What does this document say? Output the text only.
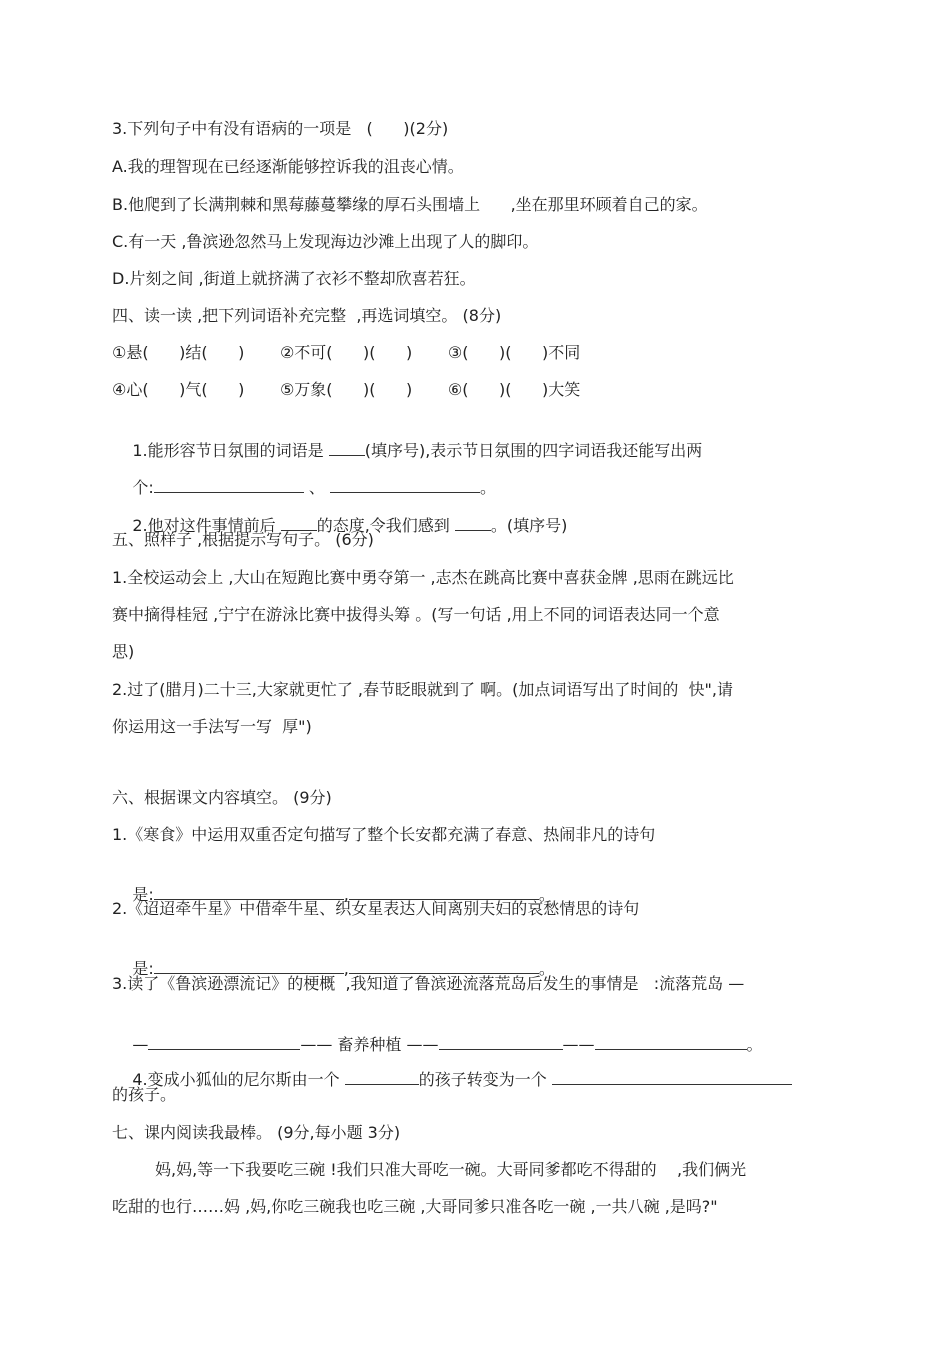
3.下列句子中有没有语病的一项是   (      )(2分)
A.我的理智现在已经逐渐能够控诉我的沮丧心情。
B.他爬到了长满荆棘和黑莓藤蔓攀缘的厚石头围墙上      ,坐在那里环顾着自己的家。
C.有一天 ,鲁滨逊忽然马上发现海边沙滩上出现了人的脚印。
D.片刻之间 ,街道上就挤满了衣衫不整却欣喜若狂。
四、读一读 ,把下列词语补充完整  ,再选词填空。 (8分)
①悬(      )结(      )       ②不可(      )(      )       ③(      )(      )不同
④心(      )气(      )       ⑤万象(      )(      )       ⑥(      )(      )大笑

1.能形容节日氛围的词语是 (填序号),表示节日氛围的四字词语我还能写出两

个:	、	。

2.他对这件事情前后 的态度,令我们感到 。(填序号)

五、照样子 ,根据提示写句子。 (6分)
1.全校运动会上 ,大山在短跑比赛中勇夺第一 ,志杰在跳高比赛中喜获金牌 ,思雨在跳远比
赛中摘得桂冠 ,宁宁在游泳比赛中拔得头筹 。(写一句话 ,用上不同的词语表达同一个意
思)
2.过了(腊月)二十三,大家就更忙了 ,春节眨眼就到了 啊。(加点词语写出了时间的  快",请
你运用这一手法写一写  厚")
六、根据课文内容填空。 (9分)
1.《寒食》中运用双重否定句描写了整个长安都充满了春意、热闹非凡的诗句

是:	,	。

2.《迢迢牵牛星》中借牵牛星、织女星表达人间离别夫妇的哀愁情思的诗句

是:	,	。

3.读了《鲁滨逊漂流记》的梗概  ,我知道了鲁滨逊流落荒岛后发生的事情是   :流落荒岛 —

—	—— 畜养种植 ——	——	。

4.变成小狐仙的尼尔斯由一个	的孩子转变为一个

的孩子。
七、课内阅读我最棒。 (9分,每小题 3分)
妈,妈,等一下我要吃三碗 !我们只准大哥吃一碗。大哥同爹都吃不得甜的    ,我们俩光
吃甜的也行……妈 ,妈,你吃三碗我也吃三碗 ,大哥同爹只准各吃一碗 ,一共八碗 ,是吗?"
